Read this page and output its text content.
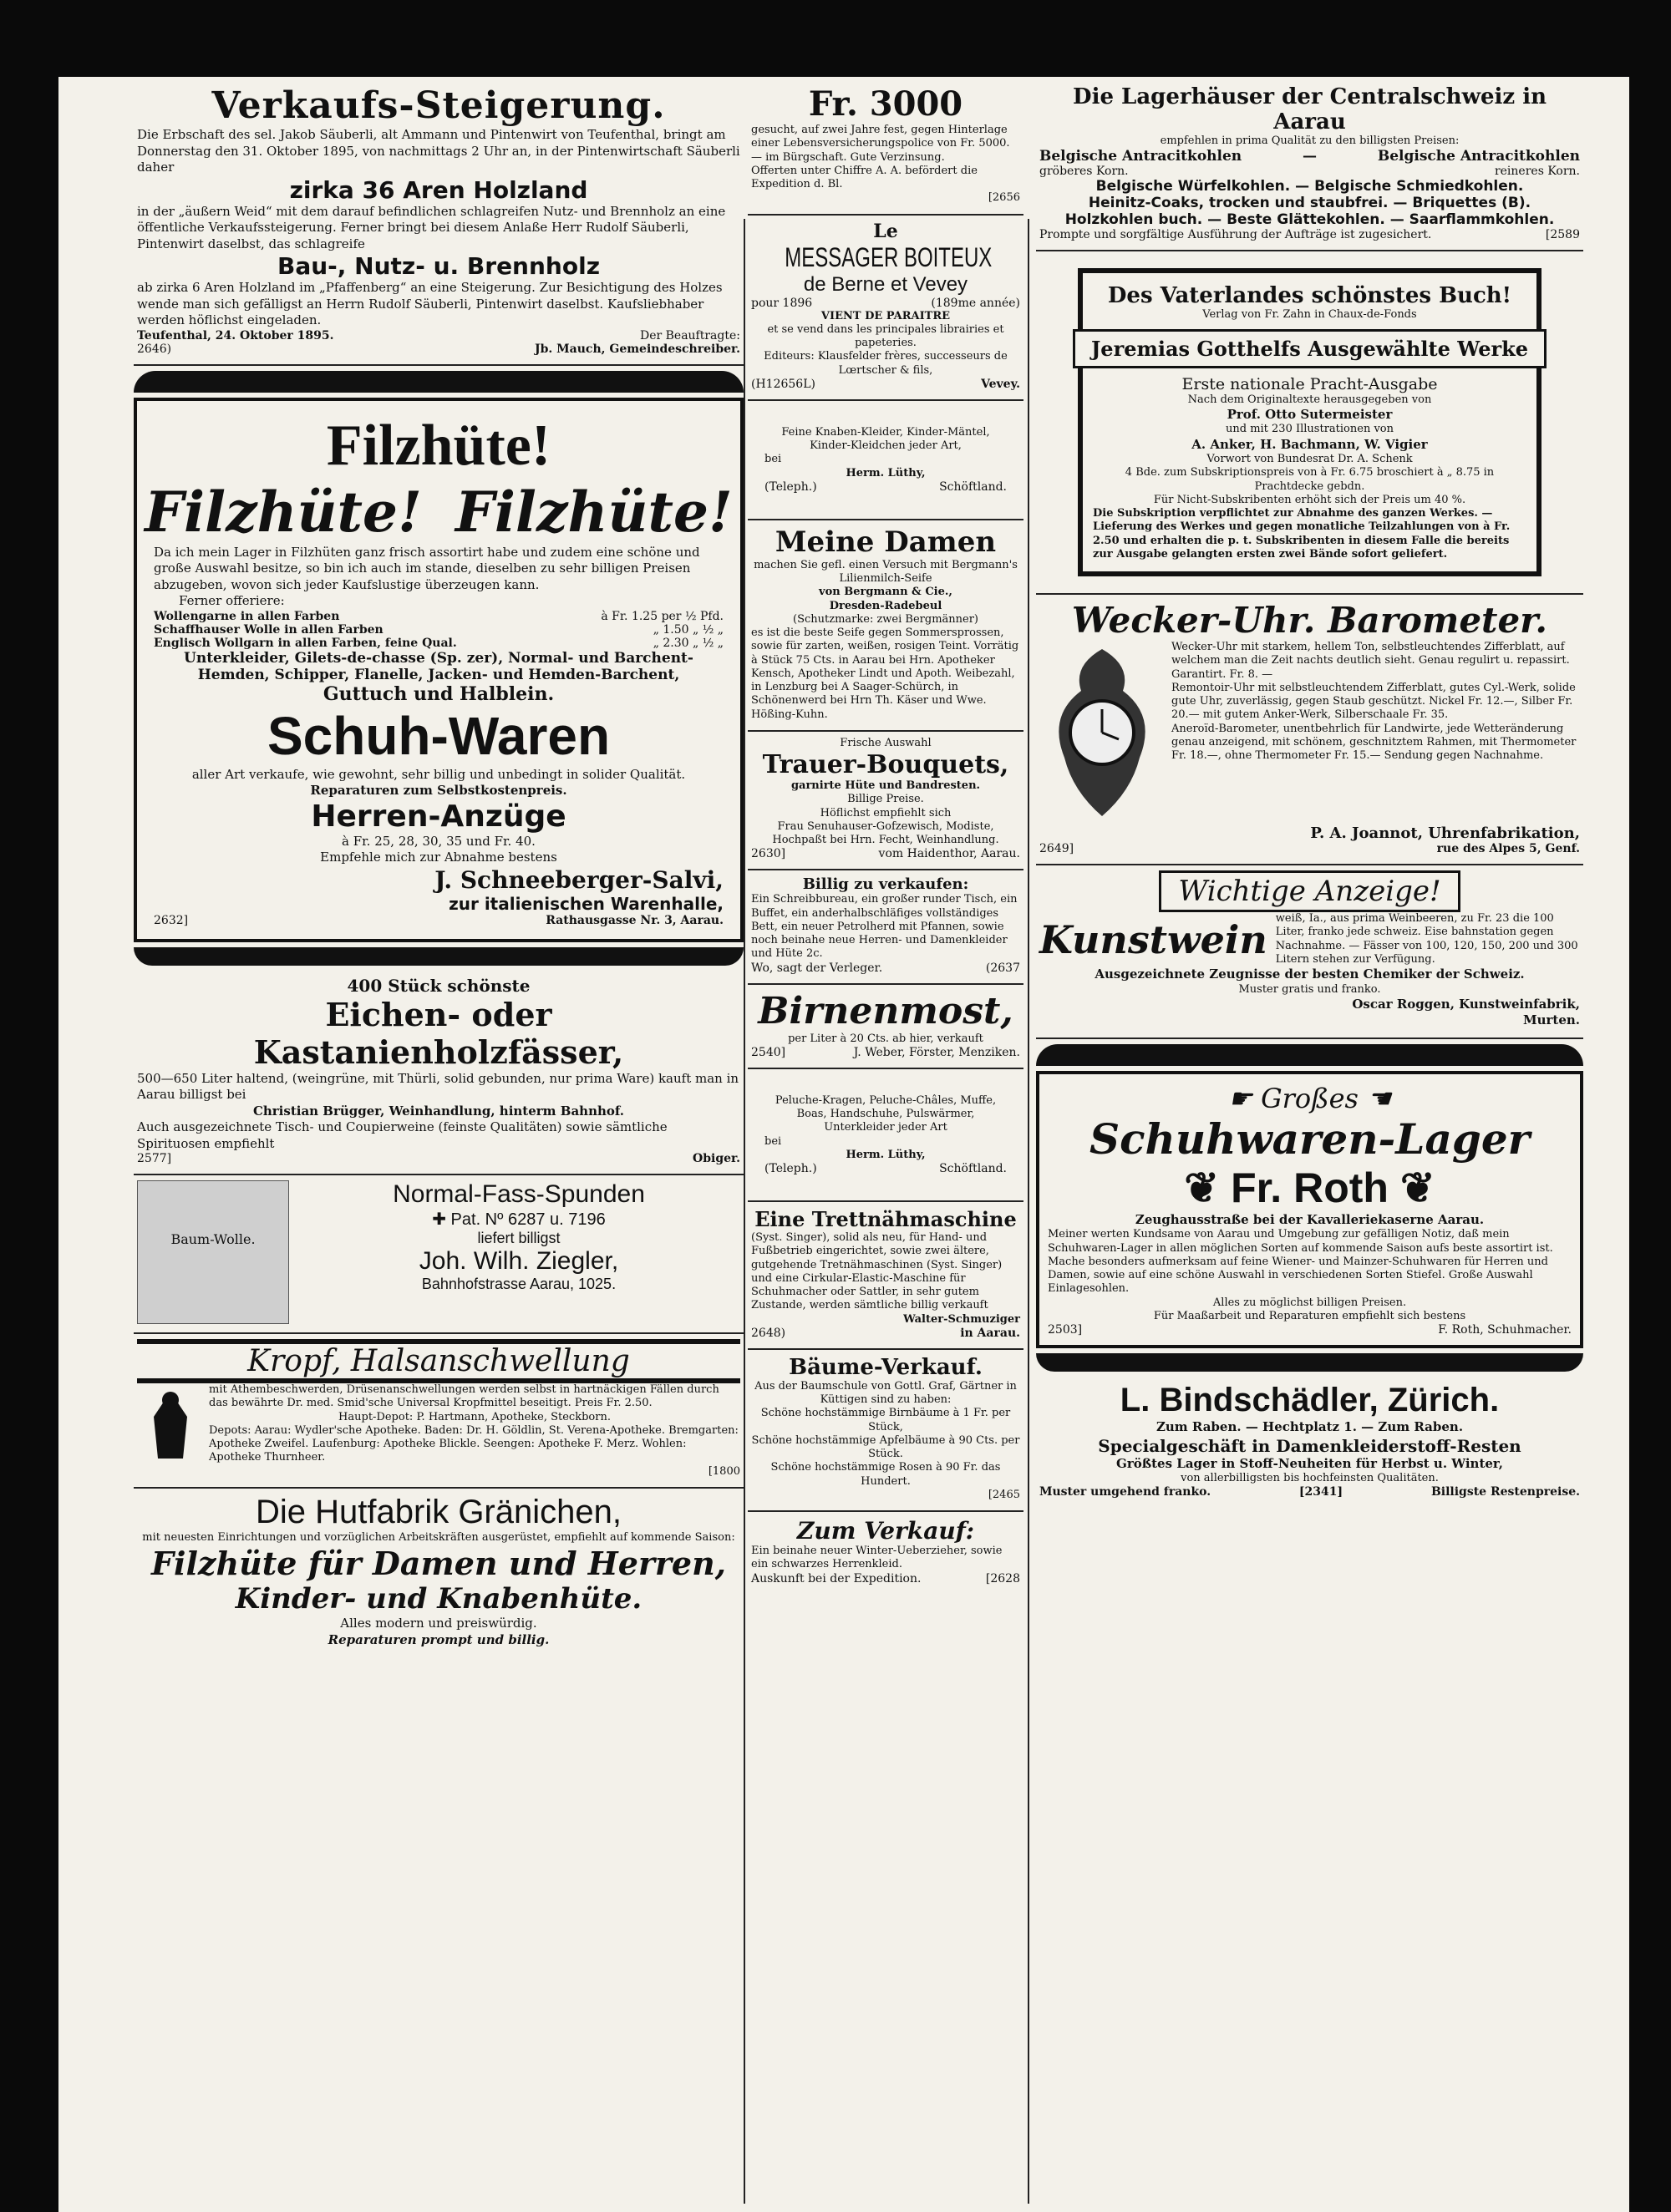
Verkaufs-Steigerung.
Die Erbschaft des sel. Jakob Säuberli, alt Ammann und Pintenwirt von Teufenthal, bringt am Donnerstag den 31. Oktober 1895, von nachmittags 2 Uhr an, in der Pintenwirtschaft Säuberli daher
zirka 36 Aren Holzland
in der „äußern Weid“ mit dem darauf befindlichen schlagreifen Nutz- und Brennholz an eine öffentliche Verkaufssteigerung. Ferner bringt bei diesem Anlaße Herr Rudolf Säuberli, Pintenwirt daselbst, das schlagreife
Bau-, Nutz- u. Brennholz
ab zirka 6 Aren Holzland im „Pfaffenberg“ an eine Steigerung. Zur Besichtigung des Holzes wende man sich gefälligst an Herrn Rudolf Säuberli, Pintenwirt daselbst. Kaufsliebhaber werden höflichst eingeladen.
Teufenthal, 24. Oktober 1895.	Der Beauftragte:
2646)	Jb. Mauch, Gemeindeschreiber.
Filzhüte!
Filzhüte! Filzhüte!
Da ich mein Lager in Filzhüten ganz frisch assortirt habe und zudem eine schöne und große Auswahl besitze, so bin ich auch im stande, dieselben zu sehr billigen Preisen abzugeben, wovon sich jeder Kaufslustige überzeugen kann.
Ferner offeriere:
Wollengarne in allen Farben	à Fr. 1.25 per ½ Pfd.
Schaffhauser Wolle in allen Farben	„ 1.50 „ ½ „
Englisch Wollgarn in allen Farben, feine Qual.	„ 2.30 „ ½ „
Unterkleider, Gilets-de-chasse (Sp. zer), Normal- und Barchent-Hemden, Schipper, Flanelle, Jacken- und Hemden-Barchent,
Guttuch und Halblein.
Schuh-Waren
aller Art verkaufe, wie gewohnt, sehr billig und unbedingt in solider Qualität.
Reparaturen zum Selbstkostenpreis.
Herren-Anzüge
à Fr. 25, 28, 30, 35 und Fr. 40.
Empfehle mich zur Abnahme bestens
J. Schneeberger-Salvi,
zur italienischen Warenhalle,
2632]	Rathausgasse Nr. 3, Aarau.
400 Stück schönste
Eichen- oder Kastanienholzfässer,
500—650 Liter haltend, (weingrüne, mit Thürli, solid gebunden, nur prima Ware) kauft man in Aarau billigst bei
Christian Brügger, Weinhandlung, hinterm Bahnhof.
Auch ausgezeichnete Tisch- und Coupierweine (feinste Qualitäten) sowie sämtliche Spirituosen empfiehlt
2577]	Obiger.
Baum-Wolle.
Normal-Fass-Spunden
✚ Pat. Nº 6287 u. 7196
liefert billigst
Joh. Wilh. Ziegler,
Bahnhofstrasse Aarau, 1025.
Kropf, Halsanschwellung
mit Athembeschwerden, Drüsenanschwellungen werden selbst in hartnäckigen Fällen durch das bewährte Dr. med. Smid'sche Universal Kropfmittel beseitigt. Preis Fr. 2.50.
Haupt-Depot: P. Hartmann, Apotheke, Steckborn.
Depots: Aarau: Wydler'sche Apotheke. Baden: Dr. H. Göldlin, St. Verena-Apotheke. Bremgarten: Apotheke Zweifel. Laufenburg: Apotheke Blickle. Seengen: Apotheke F. Merz. Wohlen: Apotheke Thurnheer.
[1800
Die Hutfabrik Gränichen,
mit neuesten Einrichtungen und vorzüglichen Arbeitskräften ausgerüstet, empfiehlt auf kommende Saison:
Filzhüte für Damen und Herren,
Kinder- und Knabenhüte.
Alles modern und preiswürdig.
Reparaturen prompt und billig.
Fr. 3000
gesucht, auf zwei Jahre fest, gegen Hinterlage einer Lebensversicherungspolice von Fr. 5000.— im Bürgschaft. Gute Verzinsung.
Offerten unter Chiffre A. A. befördert die Expedition d. Bl.
[2656
Le
MESSAGER BOITEUX
de Berne et Vevey
pour 1896	(189me année)
VIENT DE PARAITRE
et se vend dans les principales librairies et papeteries.
Editeurs: Klausfelder frères, successeurs de Lœrtscher & fils,
(H12656L)	Vevey.
Feine Knaben-Kleider, Kinder-Mäntel, Kinder-Kleidchen jeder Art,
bei
Herm. Lüthy,
(Teleph.)	Schöftland.
Meine Damen
machen Sie gefl. einen Versuch mit Bergmann's Lilienmilch-Seife
von Bergmann & Cie.,
Dresden-Radebeul
(Schutzmarke: zwei Bergmänner)
es ist die beste Seife gegen Sommersprossen, sowie für zarten, weißen, rosigen Teint. Vorrätig à Stück 75 Cts. in Aarau bei Hrn. Apotheker Kensch, Apotheker Lindt und Apoth. Weibezahl, in Lenzburg bei A Saager-Schürch, in Schönenwerd bei Hrn Th. Käser und Wwe. Hößing-Kuhn.
Frische Auswahl
Trauer-Bouquets,
garnirte Hüte und Bandresten.
Billige Preise.
Höflichst empfiehlt sich
Frau Senuhauser-Gofzewisch, Modiste, Hochpaßt bei Hrn. Fecht, Weinhandlung.
2630]	vom Haidenthor, Aarau.
Billig zu verkaufen:
Ein Schreibbureau, ein großer runder Tisch, ein Buffet, ein anderhalbschläfiges vollständiges Bett, ein neuer Petrolherd mit Pfannen, sowie noch beinahe neue Herren- und Damenkleider und Hüte 2c.
Wo, sagt der Verleger.	(2637
Birnenmost,
per Liter à 20 Cts. ab hier, verkauft
2540]	J. Weber, Förster, Menziken.
Peluche-Kragen, Peluche-Châles, Muffe, Boas, Handschuhe, Pulswärmer, Unterkleider jeder Art
bei
Herm. Lüthy,
(Teleph.)	Schöftland.
Eine Trettnähmaschine
(Syst. Singer), solid als neu, für Hand- und Fußbetrieb eingerichtet, sowie zwei ältere, gutgehende Tretnähmaschinen (Syst. Singer) und eine Cirkular-Elastic-Maschine für Schuhmacher oder Sattler, in sehr gutem Zustande, werden sämtliche billig verkauft
Walter-Schmuziger
2648)	in Aarau.
Bäume-Verkauf.
Aus der Baumschule von Gottl. Graf, Gärtner in Küttigen sind zu haben:
Schöne hochstämmige Birnbäume à 1 Fr. per Stück,
Schöne hochstämmige Apfelbäume à 90 Cts. per Stück.
Schöne hochstämmige Rosen à 90 Fr. das Hundert.
[2465
Zum Verkauf:
Ein beinahe neuer Winter-Ueberzieher, sowie ein schwarzes Herrenkleid.
Auskunft bei der Expedition.	[2628
Die Lagerhäuser der Centralschweiz in Aarau
empfehlen in prima Qualität zu den billigsten Preisen:
Belgische Antracitkohlen	—	Belgische Antracitkohlen
gröberes Korn.	reineres Korn.
Belgische Würfelkohlen. — Belgische Schmiedkohlen.
Heinitz-Coaks, trocken und staubfrei. — Briquettes (B).
Holzkohlen buch. — Beste Glättekohlen. — Saarflammkohlen.
Prompte und sorgfältige Ausführung der Aufträge ist zugesichert.	[2589
Des Vaterlandes schönstes Buch!
Verlag von Fr. Zahn in Chaux-de-Fonds
Jeremias Gotthelfs Ausgewählte Werke
Erste nationale Pracht-Ausgabe
Nach dem Originaltexte herausgegeben von
Prof. Otto Sutermeister
und mit 230 Illustrationen von
A. Anker, H. Bachmann, W. Vigier
Vorwort von Bundesrat Dr. A. Schenk
4 Bde. zum Subskriptionspreis von à Fr. 6.75 broschiert à „ 8.75 in Prachtdecke gebdn.
Für Nicht-Subskribenten erhöht sich der Preis um 40 %.
Die Subskription verpflichtet zur Abnahme des ganzen Werkes. — Lieferung des Werkes und gegen monatliche Teilzahlungen von à Fr. 2.50 und erhalten die p. t. Subskribenten in diesem Falle die bereits zur Ausgabe gelangten ersten zwei Bände sofort geliefert.
Wecker-Uhr. Barometer.
Wecker-Uhr mit starkem, hellem Ton, selbstleuchtendes Zifferblatt, auf welchem man die Zeit nachts deutlich sieht. Genau regulirt u. repassirt. Garantirt. Fr. 8. —
Remontoir-Uhr mit selbstleuchtendem Zifferblatt, gutes Cyl.-Werk, solide gute Uhr, zuverlässig, gegen Staub geschützt. Nickel Fr. 12.—, Silber Fr. 20.— mit gutem Anker-Werk, Silberschaale Fr. 35.
Aneroïd-Barometer, unentbehrlich für Landwirte, jede Wetteränderung genau anzeigend, mit schönem, geschnitztem Rahmen, mit Thermometer Fr. 18.—, ohne Thermometer Fr. 15.— Sendung gegen Nachnahme.
P. A. Joannot, Uhrenfabrikation,
2649]	rue des Alpes 5, Genf.
Wichtige Anzeige!
Kunstwein weiß, Ia., aus prima Weinbeeren, zu Fr. 23 die 100 Liter, franko jede schweiz. Eise bahnstation gegen Nachnahme. — Fässer von 100, 120, 150, 200 und 300 Litern stehen zur Verfügung.
Ausgezeichnete Zeugnisse der besten Chemiker der Schweiz.
Muster gratis und franko.
Oscar Roggen, Kunstweinfabrik,
Murten.
☛ Großes ☚
Schuhwaren-Lager
❦ Fr. Roth ❦
Zeughausstraße bei der Kavalleriekaserne Aarau.
Meiner werten Kundsame von Aarau und Umgebung zur gefälligen Notiz, daß mein Schuhwaren-Lager in allen möglichen Sorten auf kommende Saison aufs beste assortirt ist.
Mache besonders aufmerksam auf feine Wiener- und Mainzer-Schuhwaren für Herren und Damen, sowie auf eine schöne Auswahl in verschiedenen Sorten Stiefel. Große Auswahl Einlagesohlen.
Alles zu möglichst billigen Preisen.
Für Maaßarbeit und Reparaturen empfiehlt sich bestens
2503]	F. Roth, Schuhmacher.
L. Bindschädler, Zürich.
Zum Raben. — Hechtplatz 1. — Zum Raben.
Specialgeschäft in Damenkleiderstoff-Resten
Größtes Lager in Stoff-Neuheiten für Herbst u. Winter,
von allerbilligsten bis hochfeinsten Qualitäten.
Muster umgehend franko.	[2341]	Billigste Restenpreise.
